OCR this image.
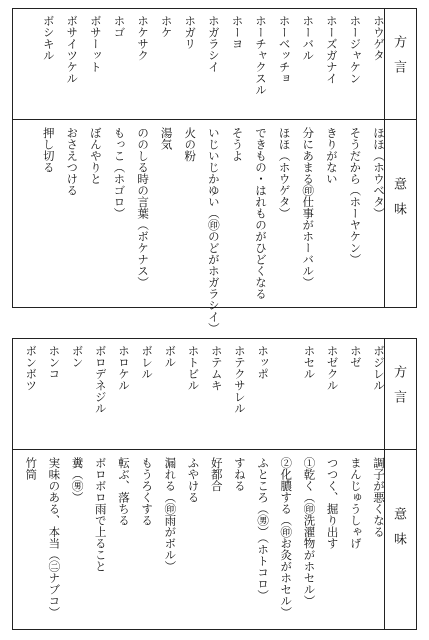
方言
意味
ホウゲタ
ホージャケン
ホーズガナイ
ホーバル
ホーベッチョ
ホーチャクスル
ホーヨ
ホガラシイ
ホガリ
ホケ
ホケサク
ホゴ
ボサーット
ボサイツケル
ボシキル
ほほ（ホウベタ）
そうだから（ホーヤケン）
きりがない
分にあまる㊞仕事がホーバル）
ほほ（ホウゲタ）
できもの・はれものがひどくなる
そうよ
いじいじかゆい（㊞のどがホガラシイ）
火の粉
湯気
ののしる時の言葉（ボケナス）
もっこ（ホゴロ）
ぼんやりと
おさえつける
押し切る
方言
意味
ボジレル
ホゼ
ホゼクル
ホセル
ホッポ
ホテクサレル
ホテムキ
ホトビル
ボル
ボレル
ホロケル
ボロデネジル
ボン
ホンコ
ボンボツ
調子が悪くなる
まんじゅうしゃげ
つつく、掘り出す
①乾く（㊞洗濯物がホセル）
②化膿する（㊞お灸がホセル）
ふところ（㊚）（ホトコロ）
すねる
好都合
ふやける
漏れる（㊞雨がボル）
もうろくする
転ぶ、落ちる
ボロボロ雨で上ること
糞（㊚）
実味のある、本当（㊁ナブコ）
竹筒
